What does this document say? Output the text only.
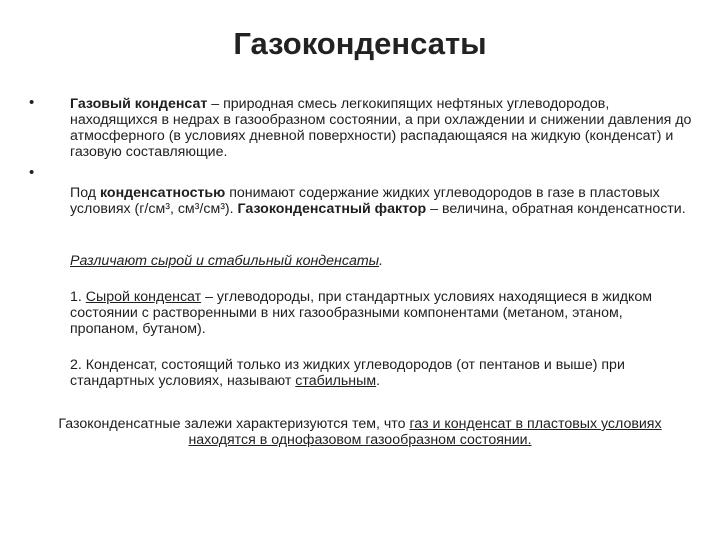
Газоконденсаты
•
•
Газовый конденсат – природная смесь легкокипящих нефтяных углеводородов, находящихся в недрах в газообразном состоянии, а при охлаждении и снижении давления до атмосферного (в условиях дневной поверхности) распадающаяся на жидкую (конденсат) и газовую составляющие.
Под конденсатностью понимают содержание жидких углеводородов в газе в пластовых условиях (г/см³, см³/см³). Газоконденсатный фактор – величина, обратная конденсатности.
Различают сырой и стабильный конденсаты.
1. Сырой конденсат – углеводороды, при стандартных условиях находящиеся в жидком состоянии с растворенными в них газообразными компонентами (метаном, этаном, пропаном, бутаном).
2. Конденсат, состоящий только из жидких углеводородов (от пентанов и выше) при стандартных условиях, называют стабильным.
Газоконденсатные залежи характеризуются тем, что газ и конденсат в пластовых условиях находятся в однофазовом газообразном состоянии.
